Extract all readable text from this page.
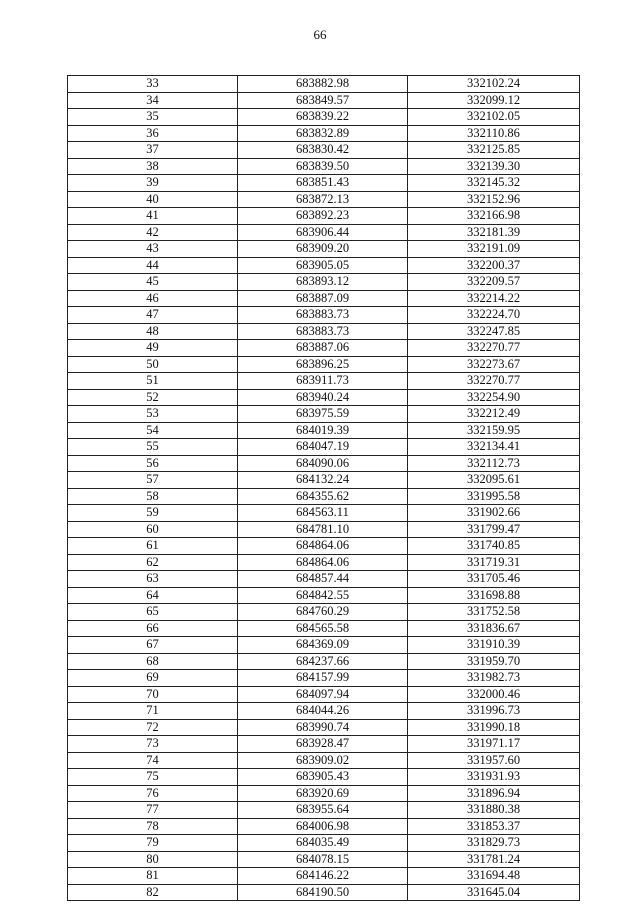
66
33	683882.98	332102.24
34	683849.57	332099.12
35	683839.22	332102.05
36	683832.89	332110.86
37	683830.42	332125.85
38	683839.50	332139.30
39	683851.43	332145.32
40	683872.13	332152.96
41	683892.23	332166.98
42	683906.44	332181.39
43	683909.20	332191.09
44	683905.05	332200.37
45	683893.12	332209.57
46	683887.09	332214.22
47	683883.73	332224.70
48	683883.73	332247.85
49	683887.06	332270.77
50	683896.25	332273.67
51	683911.73	332270.77
52	683940.24	332254.90
53	683975.59	332212.49
54	684019.39	332159.95
55	684047.19	332134.41
56	684090.06	332112.73
57	684132.24	332095.61
58	684355.62	331995.58
59	684563.11	331902.66
60	684781.10	331799.47
61	684864.06	331740.85
62	684864.06	331719.31
63	684857.44	331705.46
64	684842.55	331698.88
65	684760.29	331752.58
66	684565.58	331836.67
67	684369.09	331910.39
68	684237.66	331959.70
69	684157.99	331982.73
70	684097.94	332000.46
71	684044.26	331996.73
72	683990.74	331990.18
73	683928.47	331971.17
74	683909.02	331957.60
75	683905.43	331931.93
76	683920.69	331896.94
77	683955.64	331880.38
78	684006.98	331853.37
79	684035.49	331829.73
80	684078.15	331781.24
81	684146.22	331694.48
82	684190.50	331645.04
